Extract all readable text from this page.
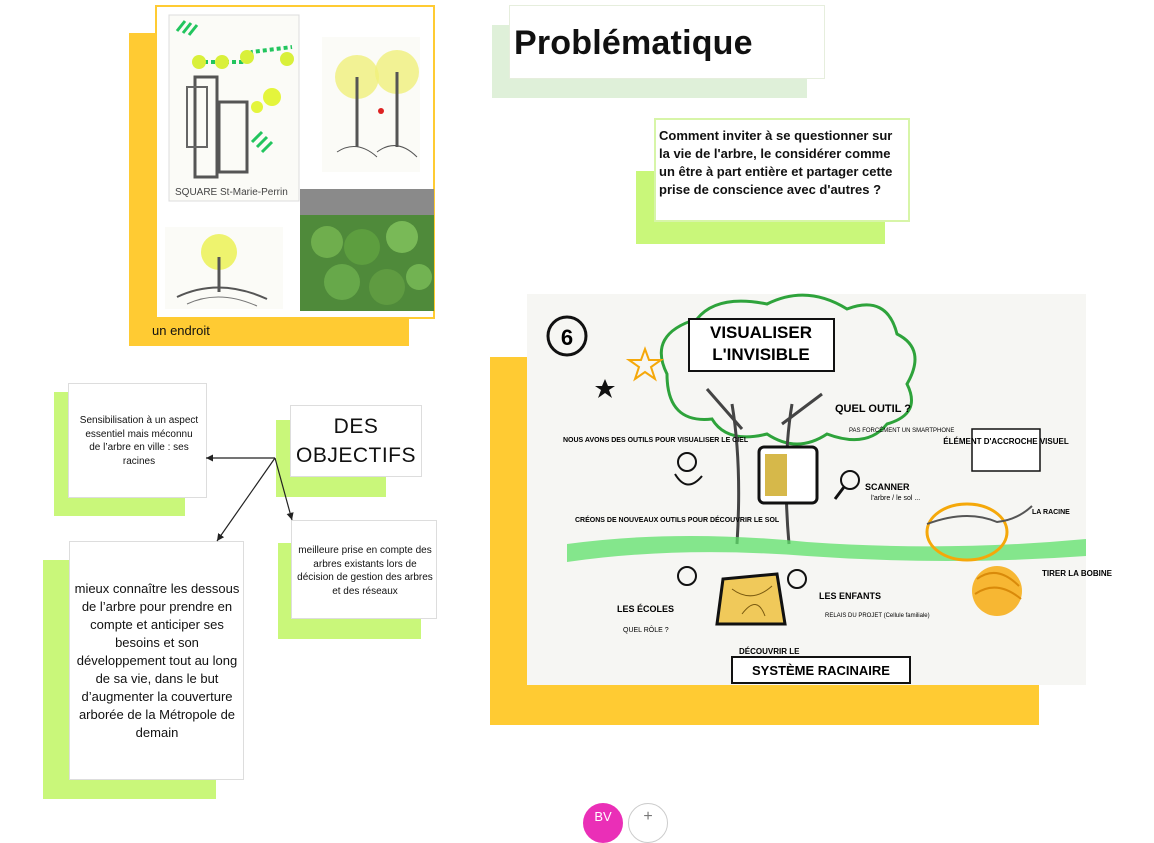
Problématique
Comment inviter à se questionner sur la vie de l'arbre, le considérer comme un être à part entière et partager cette prise de conscience avec d'autres ?
SQUARE St-Marie-Perrin
un endroit
DES
OBJECTIFS
Sensibilisation à un aspect essentiel mais méconnu de l’arbre en ville : ses racines
meilleure prise en compte des arbres existants lors de décision de gestion des arbres et des réseaux
mieux connaître les dessous de l’arbre pour prendre en compte et anticiper ses besoins et son développement tout au long de sa vie, dans le but d’augmenter la couverture arborée de la Métropole de demain
6	VISUALISER
L'INVISIBLE
QUEL OUTIL ?
PAS FORCÉMENT UN SMARTPHONE
NOUS AVONS DES OUTILS POUR VISUALISER LE CIEL
CRÉONS DE NOUVEAUX OUTILS POUR DÉCOUVRIR LE SOL
SCANNER
l'arbre / le sol ...
ÉLÉMENT D'ACCROCHE VISUEL
LA RACINE
TIRER LA BOBINE
LES ÉCOLES
QUEL RÔLE ?
LES ENFANTS
RELAIS DU PROJET (Cellule familiale)
DÉCOUVRIR LE
SYSTÈME RACINAIRE
BV	+
